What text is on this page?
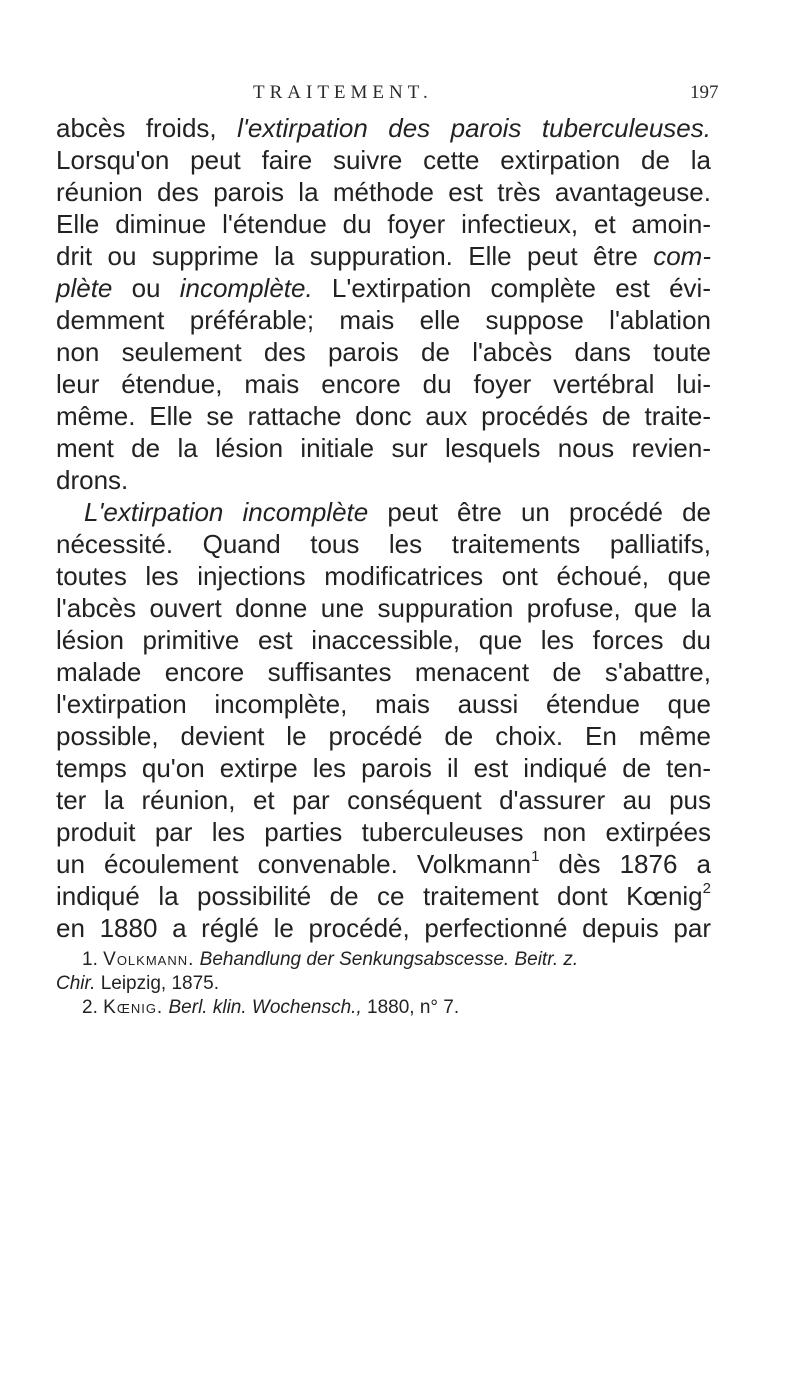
TRAITEMENT.	197
abcès froids, l'extirpation des parois tuberculeuses.
Lorsqu'on peut faire suivre cette extirpation de la
réunion des parois la méthode est très avantageuse.
Elle diminue l'étendue du foyer infectieux, et amoin-
drit ou supprime la suppuration. Elle peut être com-
plète ou incomplète. L'extirpation complète est évi-
demment préférable; mais elle suppose l'ablation
non seulement des parois de l'abcès dans toute
leur étendue, mais encore du foyer vertébral lui-
même. Elle se rattache donc aux procédés de traite-
ment de la lésion initiale sur lesquels nous revien-
drons.
L'extirpation incomplète peut être un procédé de
nécessité. Quand tous les traitements palliatifs,
toutes les injections modificatrices ont échoué, que
l'abcès ouvert donne une suppuration profuse, que la
lésion primitive est inaccessible, que les forces du
malade encore suffisantes menacent de s'abattre,
l'extirpation incomplète, mais aussi étendue que
possible, devient le procédé de choix. En même
temps qu'on extirpe les parois il est indiqué de ten-
ter la réunion, et par conséquent d'assurer au pus
produit par les parties tuberculeuses non extirpées
un écoulement convenable. Volkmann$^1$ dès 1876 a
indiqué la possibilité de ce traitement dont Kœnig$^2$
en 1880 a réglé le procédé, perfectionné depuis par
1. Volkmann. Behandlung der Senkungsabscesse. Beitr. z.
Chir. Leipzig, 1875.
2. Kœnig. Berl. klin. Wochensch., 1880, n° 7.
